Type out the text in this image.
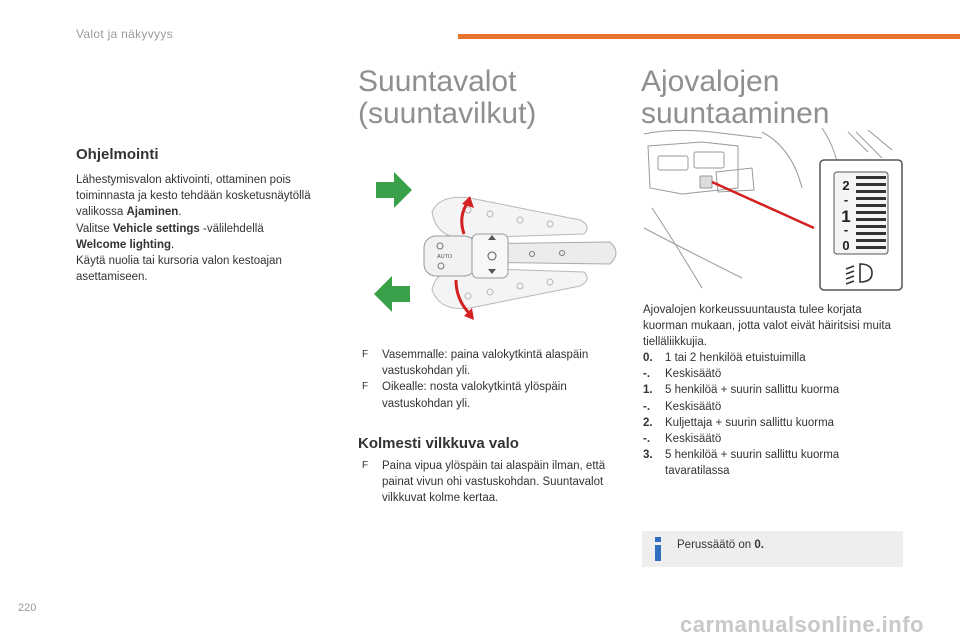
Valot ja näkyvyys
Ohjelmointi
Lähestymisvalon aktivointi, ottaminen pois toiminnasta ja kesto tehdään kosketusnäytöllä valikossa Ajaminen.
Valitse Vehicle settings -välilehdellä
Welcome lighting.
Käytä nuolia tai kursoria valon kestoajan asettamiseen.
Suuntavalot
(suuntavilkut)
AUTO
F Vasemmalle: paina valokytkintä alaspäin vastuskohdan yli.
F Oikealle: nosta valokytkintä ylöspäin vastuskohdan yli.
Kolmesti vilkkuva valo
F Paina vipua ylöspäin tai alaspäin ilman, että painat vivun ohi vastuskohdan. Suuntavalot vilkkuvat kolme kertaa.
Ajovalojen
suuntaaminen
2
-
1
-
0
Ajovalojen korkeussuuntausta tulee korjata kuorman mukaan, jotta valot eivät häiritsisi muita tielläliikkujia.
0.	1 tai 2 henkilöä etuistuimilla
-.	Keskisäätö
1.	5 henkilöä + suurin sallittu kuorma
-.	Keskisäätö
2.	Kuljettaja + suurin sallittu kuorma
-.	Keskisäätö
3.	5 henkilöä + suurin sallittu kuorma tavaratilassa
Perussäätö on 0.
220
carmanualsonline.info
